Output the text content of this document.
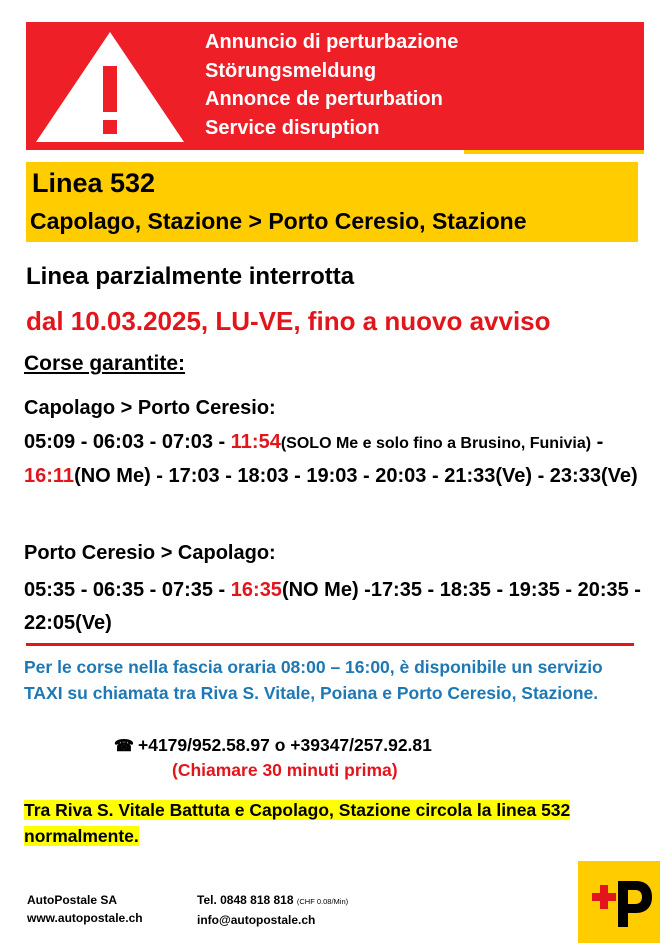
Annuncio di perturbazione
Störungsmeldung
Annonce de perturbation
Service disruption
Linea 532
Capolago, Stazione > Porto Ceresio, Stazione
Linea parzialmente interrotta
dal 10.03.2025, LU-VE, fino a nuovo avviso
Corse garantite:
Capolago > Porto Ceresio:
05:09 - 06:03 - 07:03 - 11:54(SOLO Me e solo fino a Brusino, Funivia) - 16:11(NO Me) - 17:03 - 18:03 - 19:03 - 20:03 - 21:33(Ve) - 23:33(Ve)
Porto Ceresio > Capolago:
05:35 - 06:35 - 07:35 - 16:35(NO Me) -17:35 - 18:35 - 19:35 - 20:35 - 22:05(Ve)
Per le corse nella fascia oraria 08:00 – 16:00, è disponibile un servizio TAXI su chiamata tra Riva S. Vitale, Poiana e Porto Ceresio, Stazione.
☎ +4179/952.58.97 o +39347/257.92.81
(Chiamare 30 minuti prima)
Tra Riva S. Vitale Battuta e Capolago, Stazione circola la linea 532 normalmente.
AutoPostale SA
www.autopostale.ch
Tel. 0848 818 818 (CHF 0.08/Min)
info@autopostale.ch
